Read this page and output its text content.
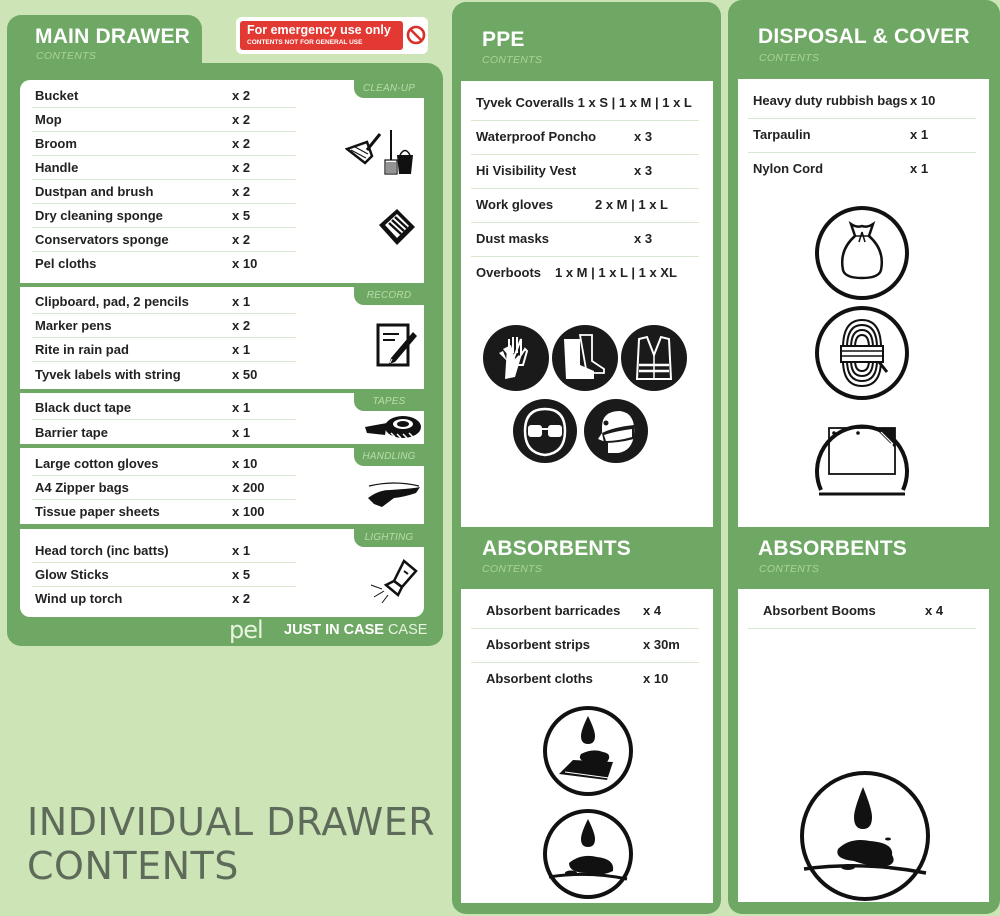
MAIN DRAWER
CONTENTS
For emergency use only
CONTENTS NOT FOR GENERAL USE
CLEAN-UP
Bucket	x 2
Mop	x 2
Broom	x 2
Handle	x 2
Dustpan and brush	x 2
Dry cleaning sponge	x 5
Conservators sponge	x 2
Pel cloths	x 10
RECORD
Clipboard, pad, 2 pencils	x 1
Marker pens	x 2
Rite in rain pad	x 1
Tyvek labels with string	x 50
TAPES
Black duct tape	x 1
Barrier tape	x 1
HANDLING
Large cotton gloves	x 10
A4 Zipper bags	x 200
Tissue paper sheets	x 100
LIGHTING
Head torch (inc batts)	x 1
Glow Sticks	x 5
Wind up torch	x 2
pel JUST IN CASE CASE
INDIVIDUAL DRAWER
CONTENTS
PPE
CONTENTS
Tyvek Coveralls 1 x S | 1 x M | 1 x L
Waterproof Poncho	x 3
Hi Visibility Vest	x 3
Work gloves	2 x M | 1 x L
Dust masks	x 3
Overboots 1 x M | 1 x L | 1 x XL
ABSORBENTS
CONTENTS
Absorbent barricades x 4
Absorbent strips	x 30m
Absorbent cloths	x 10
DISPOSAL & COVER
CONTENTS
Heavy duty rubbish bags x 10
Tarpaulin	x 1
Nylon Cord	x 1
ABSORBENTS
CONTENTS
Absorbent Booms	x 4
